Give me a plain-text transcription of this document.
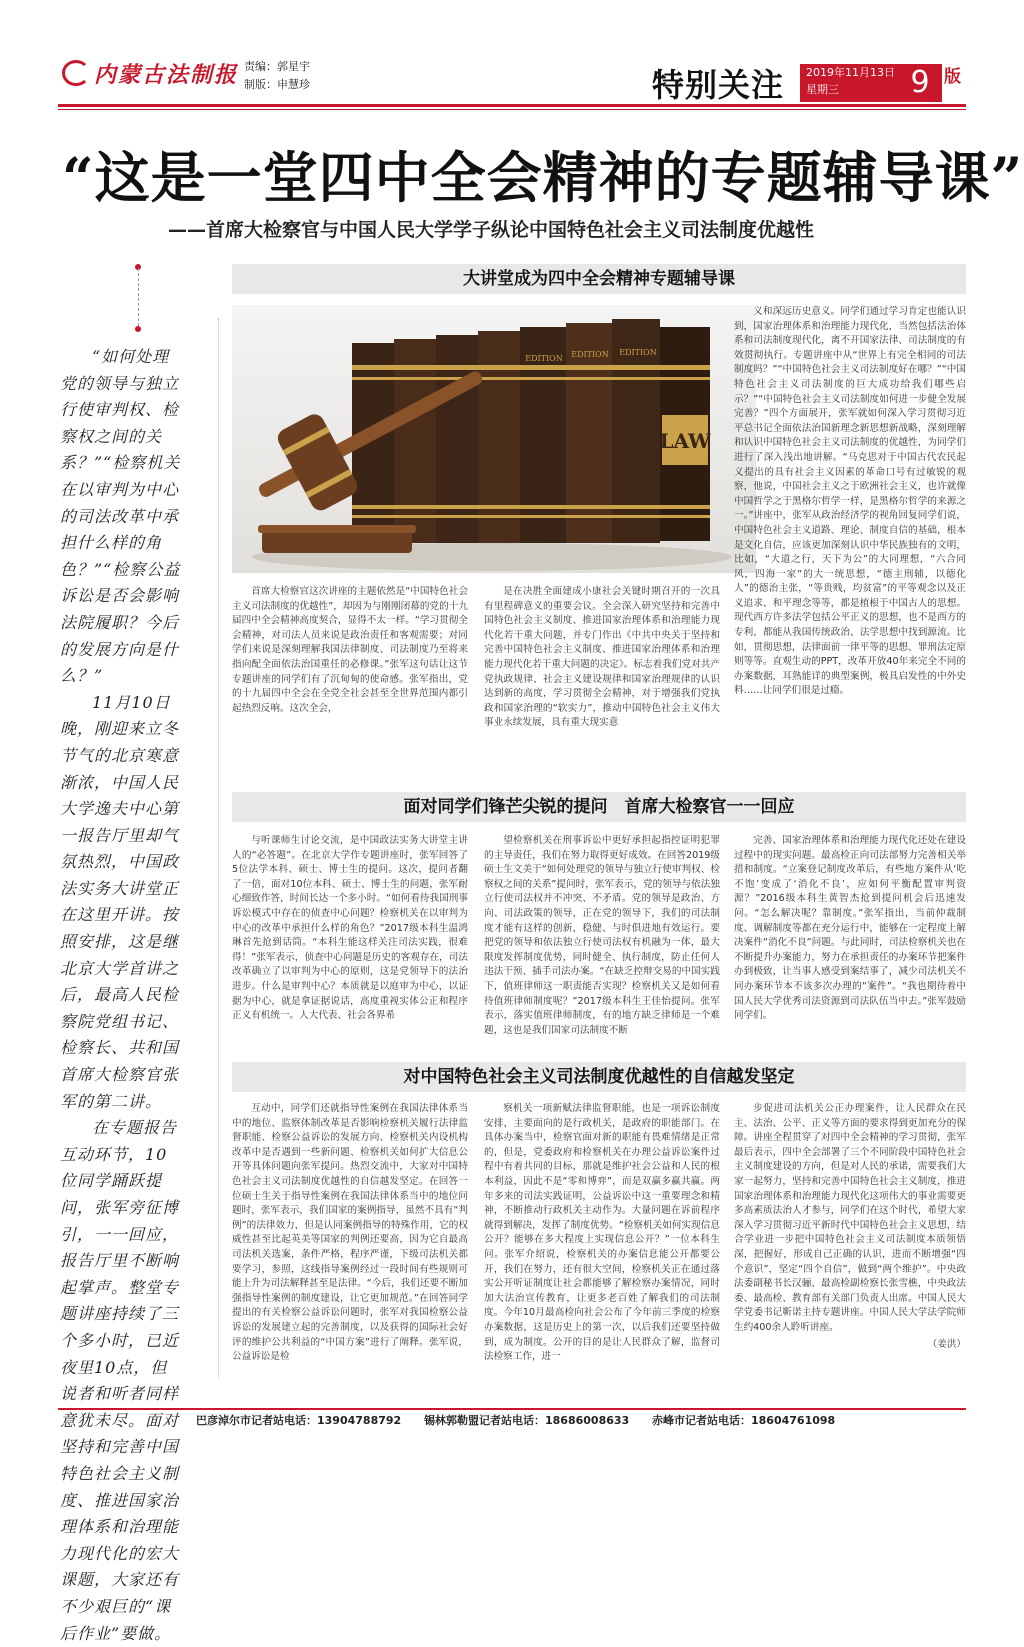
内蒙古法制报 责编：郭星宇
制版：申慧珍	特别关注	2019年11月13日
星期三	9 版
“这是一堂四中全会精神的专题辅导课”
——首席大检察官与中国人民大学学子纵论中国特色社会主义司法制度优越性

“如何处理党的领导与独立行使审判权、检察权之间的关系？”“检察机关在以审判为中心的司法改革中承担什么样的角色？”“检察公益诉讼是否会影响法院履职？今后的发展方向是什么？”

11月10日晚，刚迎来立冬节气的北京寒意渐浓，中国人民大学逸夫中心第一报告厅里却气氛热烈，中国政法实务大讲堂正在这里开讲。按照安排，这是继北京大学首讲之后，最高人民检察院党组书记、检察长、共和国首席大检察官张军的第二讲。

在专题报告互动环节，10位同学踊跃提问，张军旁征博引，一一回应，报告厅里不断响起掌声。整堂专题讲座持续了三个多小时，已近夜里10点，但说者和听者同样意犹未尽。面对坚持和完善中国特色社会主义制度、推进国家治理体系和治理能力现代化的宏大课题，大家还有不少艰巨的“课后作业”要做。

大讲堂成为四中全会精神专题辅导课
LAW
EDITION
EDITION
EDITION

首席大检察官这次讲座的主题依然是“中国特色社会主义司法制度的优越性”，却因为与刚刚闭幕的党的十九届四中全会精神高度契合，显得不太一样。“学习贯彻全会精神，对司法人员来说是政治责任和客观需要；对同学们来说是深刻理解我国法律制度、司法制度乃至将来指向配全面依法治国重任的必修课。”张军这句话让这节专题讲座的同学们有了沉甸甸的使命感。张军指出，党的十九届四中全会在全党全社会甚至全世界范围内都引起热烈反响。这次全会，

是在决胜全面建成小康社会关键时期召开的一次具有里程碑意义的重要会议。全会深入研究坚持和完善中国特色社会主义制度、推进国家治理体系和治理能力现代化若干重大问题，并专门作出《中共中央关于坚持和完善中国特色社会主义制度、推进国家治理体系和治理能力现代化若干重大问题的决定》。标志着我们党对共产党执政规律、社会主义建设规律和国家治理规律的认识达到新的高度，学习贯彻全会精神，对于增强我们党执政和国家治理的“软实力”，推动中国特色社会主义伟大事业永续发展，具有重大现实意

义和深远历史意义。同学们通过学习肯定也能认识到，国家治理体系和治理能力现代化，当然包括法治体系和司法制度现代化，离不开国家法律、司法制度的有效贯彻执行。专题讲座中从“世界上有完全相同的司法制度吗？”“中国特色社会主义司法制度好在哪？”“中国特色社会主义司法制度的巨大成功给我们哪些启示？”“中国特色社会主义司法制度如何进一步健全发展完善？”四个方面展开，张军就如何深入学习贯彻习近平总书记全面依法治国新理念新思想新战略，深刻理解和认识中国特色社会主义司法制度的优越性，为同学们进行了深入浅出地讲解。“马克思对于中国古代农民起义提出的具有社会主义因素的革命口号有过敏锐的观察，他说，中国社会主义之于欧洲社会主义，也许就像中国哲学之于黑格尔哲学一样，是黑格尔哲学的来源之一。”讲座中，张军从政治经济学的视角回复同学们说，中国特色社会主义道路、理论、制度自信的基础，根本是文化自信，应该更加深刻认识中华民族独有的文明，比如，“大道之行，天下为公”的大同理想，“六合同风，四海一家”的大一统思想，“德主刑辅，以德化人”的德治主张，“等贵贱，均贫富”的平等观念以及正义追求、和平理念等等，都是植根于中国古人的思想。现代西方许多法学包括公平正义的思想，也不是西方的专利，都能从我国传统政治、法学思想中找到源流。比如，贯彻思想，法律面前一律平等的思想、罪刑法定原则等等。直观生动的PPT，改革开放40年来完全不同的办案数据，耳熟能详的典型案例，极具启发性的中外史料……让同学们很是过瘾。

面对同学们锋芒尖锐的提问　首席大检察官一一回应

与听课师生讨论交流，是中国政法实务大讲堂主讲人的“必答题”。在北京大学作专题讲座时，张军回答了5位法学本科、硕士、博士生的提问。这次，提问者翻了一倍，面对10位本科、硕士、博士生的问题，张军耐心细致作答，时间长达一个多小时。“如何看待我国刑事诉讼模式中存在的侦查中心问题？检察机关在以审判为中心的改革中承担什么样的角色？”2017级本科生温鸿琳首先抢到话筒。“本科生能这样关注司法实践，很难得！”张军表示，侦查中心问题是历史的客观存在，司法改革确立了以审判为中心的原则，这是党领导下的法治进步。什么是审判中心？本质就是以庭审为中心，以证据为中心，就是拿证据说话，高度重视实体公正和程序正义有机统一。人大代表、社会各界希

望检察机关在刑事诉讼中更好承担起指控证明犯罪的主导责任，我们在努力取得更好成效。在回答2019级硕士生文美于“如何处理党的领导与独立行使审判权、检察权之间的关系”提问时，张军表示，党的领导与依法独立行使司法权并不冲突、不矛盾。党的领导是政治、方向、司法政策的领导，正在党的领导下，我们的司法制度才能有这样的创新，稳健、与时俱进地有效运行。要把党的领导和依法独立行使司法权有机融为一体，最大限度发挥制度优势，同时健全、执行制度，防止任何人违法干预、插手司法办案。“在缺乏控辩交易的中国实践下，值班律师这一职责能否实现？检察机关又是如何看待值班律师制度呢？”2017级本科生王佳怡提问。张军表示，落实值班律师制度，有的地方缺乏律师是一个难题，这也是我们国家司法制度不断

完善、国家治理体系和治理能力现代化还处在建设过程中的现实问题。最高检正向司法部努力完善相关举措和制度。“立案登记制度改革后，有些地方案件从‘吃不饱’变成了‘消化不良’，应如何平衡配置审判资源？”2016级本科生黄智杰抢到提问机会后迅速发问。“怎么解决呢？靠制度。”张军指出，当前仲裁制度、调解制度等都在充分运行中，能够在一定程度上解决案件“消化不良”问题。与此同时，司法检察机关也在不断提升办案能力，努力在承担责任的办案环节把案件办到极致，让当事人感受到案结事了，减少司法机关不同办案环节本不该多次办理的“案件”。“我也期待着中国人民大学优秀司法资源到司法队伍当中去。”张军鼓励同学们。

对中国特色社会主义司法制度优越性的自信越发坚定

互动中，同学们还就指导性案例在我国法律体系当中的地位、监察体制改革是否影响检察机关履行法律监督职能、检察公益诉讼的发展方向、检察机关内设机构改革中是否遇到一些新问题、检察机关如何扩大信息公开等具体问题向张军提问。热烈交流中，大家对中国特色社会主义司法制度优越性的自信越发坚定。在回答一位硕士生关于指导性案例在我国法律体系当中的地位问题时，张军表示，我们国家的案例指导，虽然不具有“判例”的法律效力，但是认同案例指导的特殊作用，它的权威性甚至比起英美等国家的判例还要高，因为它自最高司法机关选案，条件严格，程序严谨，下级司法机关都要学习，参照，这线指导案例经过一段时间有些规则可能上升为司法解释甚至是法律。“今后，我们还要不断加强指导性案例的制度建设，让它更加规范。”在回答同学提出的有关检察公益诉讼问题时，张军对我国检察公益诉讼的发展建立起的完善制度，以及获得的国际社会好评的维护公共利益的“中国方案”进行了阐释。张军说，公益诉讼是检

察机关一项新赋法律监督职能，也是一项诉讼制度安排，主要面向的是行政机关，是政府的职能部门。在具体办案当中，检察官面对新的职能有畏难情绪是正常的，但是，党委政府和检察机关在办理公益诉讼案件过程中有着共同的目标，那就是维护社会公益和人民的根本利益，因此不是“零和博弈”，而是双赢多赢共赢。两年多来的司法实践证明，公益诉讼中这一重要理念和精神，不断推动行政机关主动作为。大量问题在诉前程序就得到解决，发挥了制度优势。“检察机关如何实现信息公开？能够在多大程度上实现信息公开？”一位本科生问。张军介绍说，检察机关的办案信息能公开都要公开，我们在努力，还有很大空间，检察机关正在通过落实公开听证制度让社会都能够了解检察办案情况，同时加大法治宣传教育，让更多老百姓了解我们的司法制度。今年10月最高检向社会公布了今年前三季度的检察办案数据，这是历史上的第一次，以后我们还要坚持做到，成为制度。公开的目的是让人民群众了解，监督司法检察工作，进一

步促进司法机关公正办理案件，让人民群众在民主、法治、公平、正义等方面的要求得到更加充分的保障。讲座全程贯穿了对四中全会精神的学习贯彻，张军最后表示，四中全会部署了三个不同阶段中国特色社会主义制度建设的方向，但是对人民的承诺，需要我们大家一起努力，坚持和完善中国特色社会主义制度，推进国家治理体系和治理能力现代化这项伟大的事业需要更多高素质法治人才参与，同学们在这个时代，希望大家深入学习贯彻习近平新时代中国特色社会主义思想，结合学业进一步把中国特色社会主义司法制度本质领悟深，把握好，形成自己正确的认识，进而不断增强“四个意识”，坚定“四个自信”，做到“两个维护”。中央政法委副秘书长汉骊、最高检副检察长张雪樵，中央政法委、最高检、教育部有关部门负责人出席。中国人民大学党委书记靳诺主持专题讲座。中国人民大学法学院师生约400余人聆听讲座。

（姜洪）
巴彦淖尔市记者站电话：13904788792 锡林郭勒盟记者站电话：18686008633 赤峰市记者站电话：18604761098
